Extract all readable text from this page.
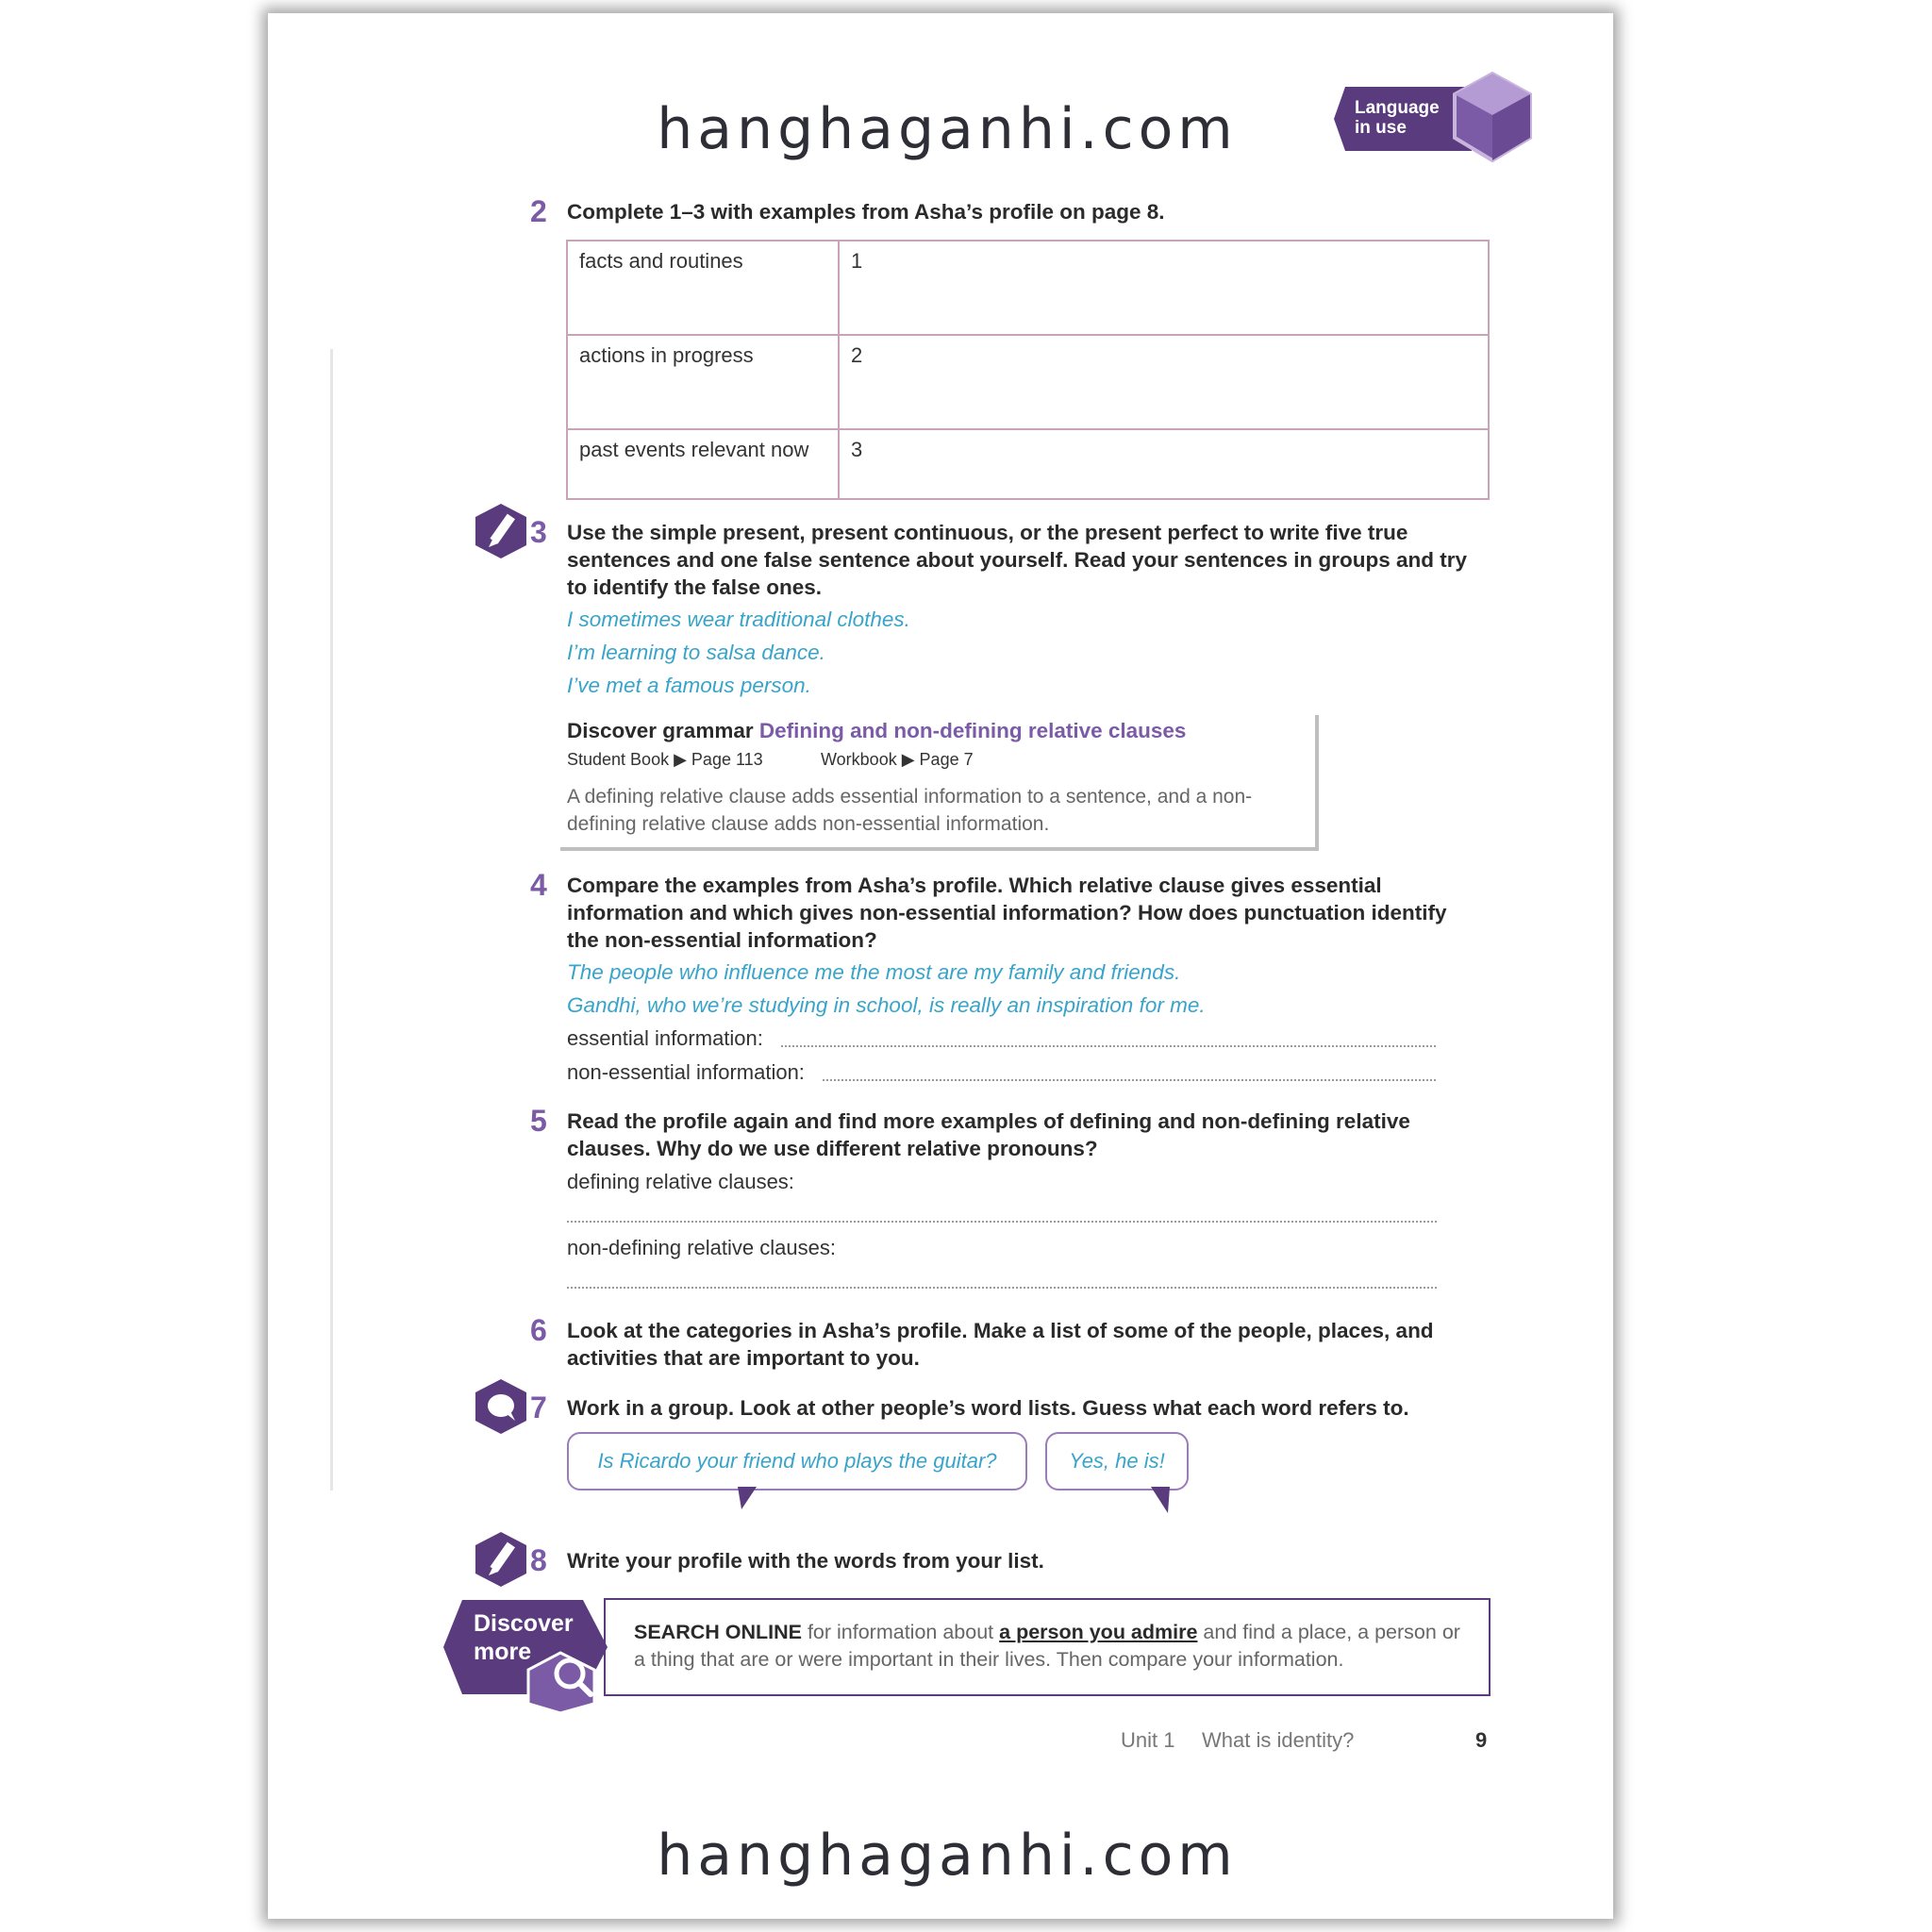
hanghaganhi.com	Language
in use
2 Complete 1–3 with examples from Asha’s profile on page 8.
facts and routines	1
actions in progress	2
past events relevant now	3
3 Use the simple present, present continuous, or the present perfect to write five true sentences and one false sentence about yourself. Read your sentences in groups and try to identify the false ones.
I sometimes wear traditional clothes.
I’m learning to salsa dance.
I’ve met a famous person.
Discover grammar Defining and non-defining relative clauses
Student Book ▶ Page 113	Workbook ▶ Page 7
A defining relative clause adds essential information to a sentence, and a non-defining relative clause adds non-essential information.
4 Compare the examples from Asha’s profile. Which relative clause gives essential information and which gives non-essential information? How does punctuation identify the non-essential information?
The people who influence me the most are my family and friends.
Gandhi, who we’re studying in school, is really an inspiration for me.
essential information:
non-essential information:
5 Read the profile again and find more examples of defining and non-defining relative clauses. Why do we use different relative pronouns?
defining relative clauses:
non-defining relative clauses:
6 Look at the categories in Asha’s profile. Make a list of some of the people, places, and activities that are important to you.
7 Work in a group. Look at other people’s word lists. Guess what each word refers to.
Is Ricardo your friend who plays the guitar?	Yes, he is!
8 Write your profile with the words from your list.
Discover
more
SEARCH ONLINE for information about a person you admire and find a place, a person or a thing that are or were important in their lives. Then compare your information.
Unit 1 What is identity?	9
hanghaganhi.com
